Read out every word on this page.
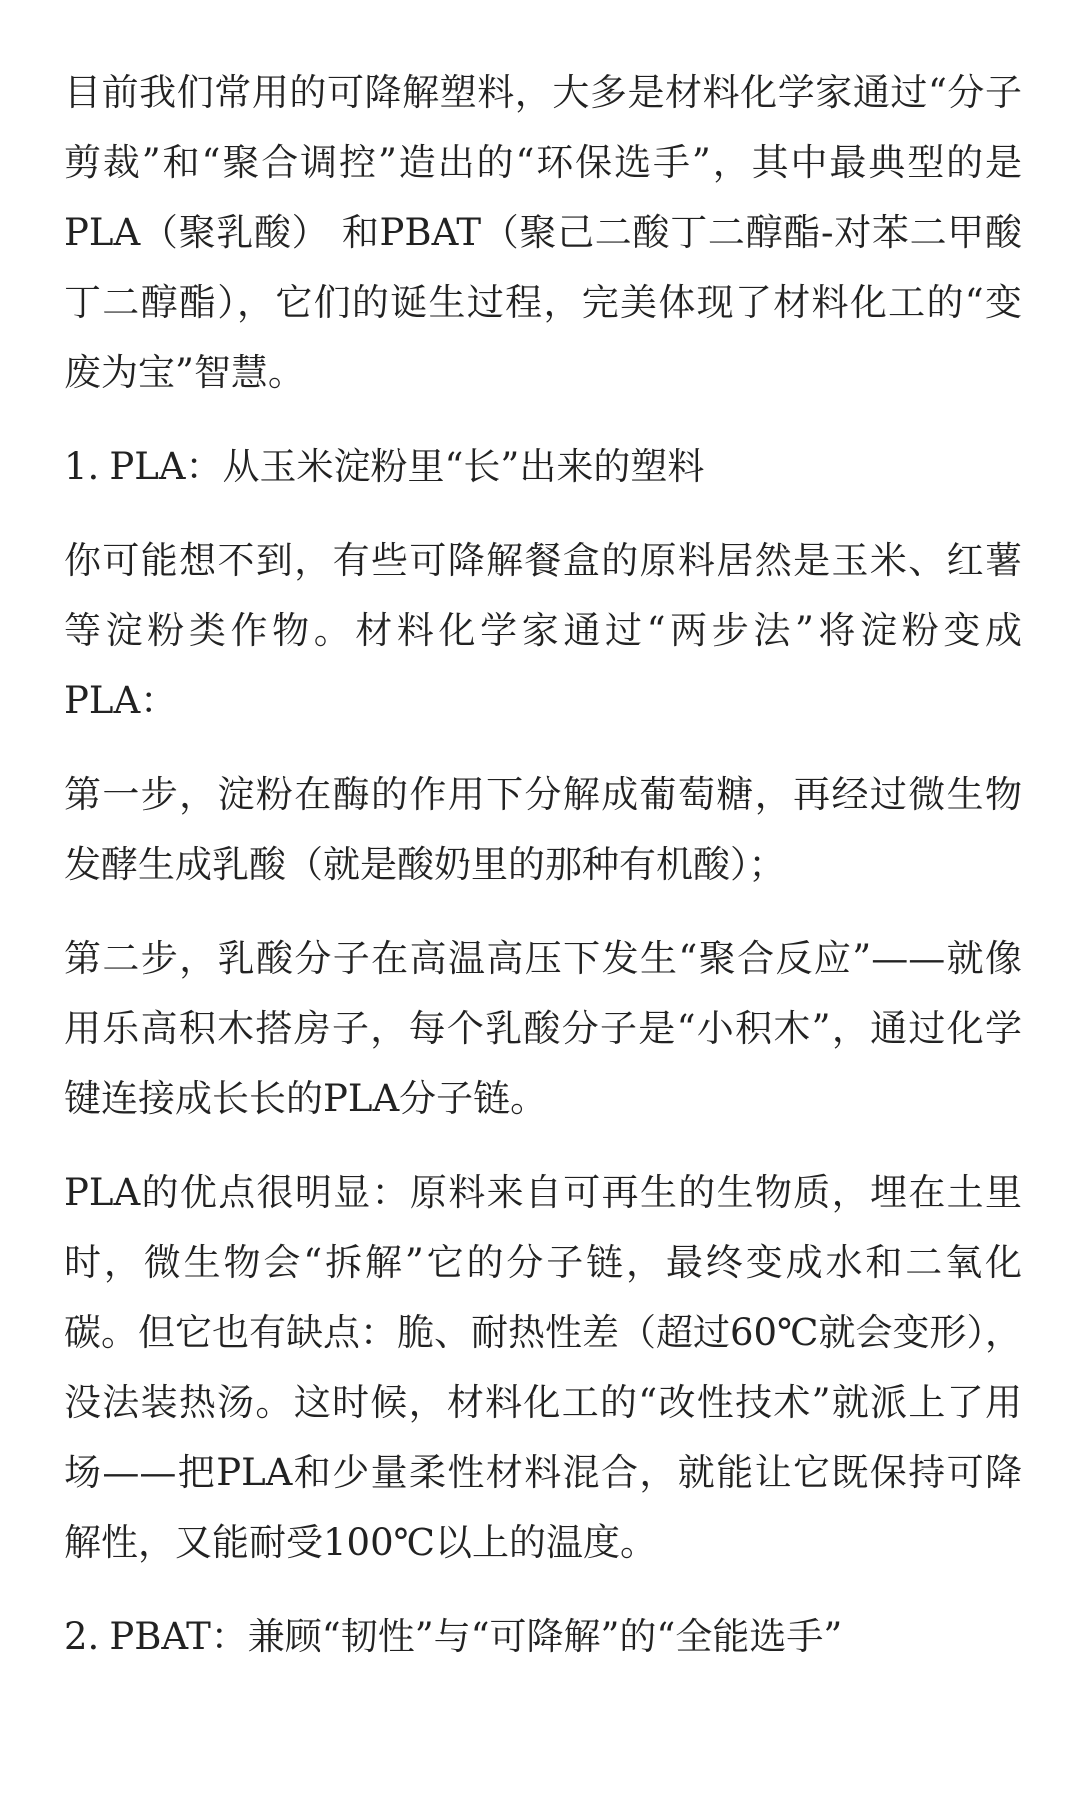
目前我们常用的可降解塑料，大多是材料化学家通过“分子剪裁”和“聚合调控”造出的“环保选手”，其中最典型的是PLA（聚乳酸） 和PBAT（聚己二酸丁二醇酯-对苯二甲酸丁二醇酯），它们的诞生过程，完美体现了材料化工的“变废为宝”智慧。

1. PLA：从玉米淀粉里“长”出来的塑料

你可能想不到，有些可降解餐盒的原料居然是玉米、红薯等淀粉类作物。材料化学家通过“两步法”将淀粉变成PLA：

第一步，淀粉在酶的作用下分解成葡萄糖，再经过微生物发酵生成乳酸（就是酸奶里的那种有机酸）；

第二步，乳酸分子在高温高压下发生“聚合反应”——就像用乐高积木搭房子，每个乳酸分子是“小积木”，通过化学键连接成长长的PLA分子链。

PLA的优点很明显：原料来自可再生的生物质，埋在土里时，微生物会“拆解”它的分子链，最终变成水和二氧化碳。但它也有缺点：脆、耐热性差（超过60℃就会变形），没法装热汤。这时候，材料化工的“改性技术”就派上了用场——把PLA和少量柔性材料混合，就能让它既保持可降解性，又能耐受100℃以上的温度。

2. PBAT：兼顾“韧性”与“可降解”的“全能选手”
